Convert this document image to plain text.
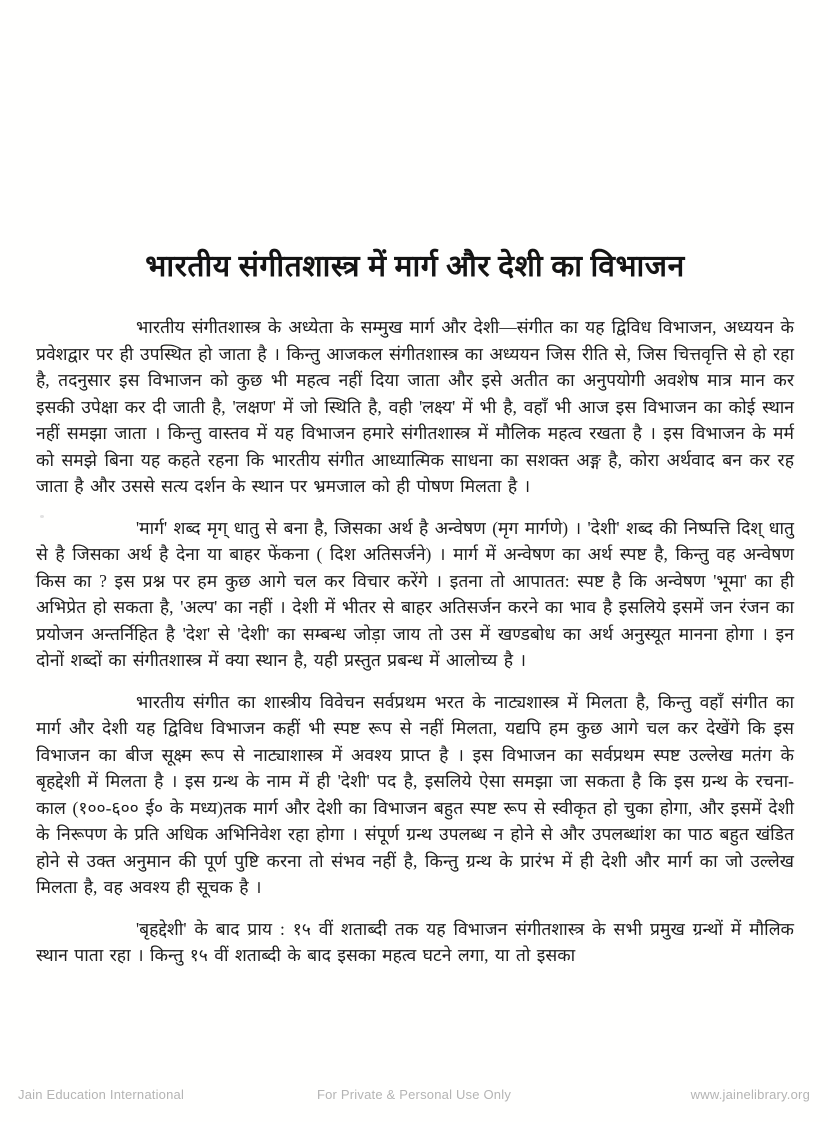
भारतीय संगीतशास्त्र में मार्ग और देशी का विभाजन

भारतीय संगीतशास्त्र के अध्येता के सम्मुख मार्ग और देशी—संगीत का यह द्विविध विभाजन, अध्ययन के प्रवेशद्वार पर ही उपस्थित हो जाता है । किन्तु आजकल संगीतशास्त्र का अध्ययन जिस रीति से, जिस चित्तवृत्ति से हो रहा है, तदनुसार इस विभाजन को कुछ भी महत्व नहीं दिया जाता और इसे अतीत का अनुपयोगी अवशेष मात्र मान कर इसकी उपेक्षा कर दी जाती है, 'लक्षण' में जो स्थिति है, वही 'लक्ष्य' में भी है, वहाँ भी आज इस विभाजन का कोई स्थान नहीं समझा जाता । किन्तु वास्तव में यह विभाजन हमारे संगीतशास्त्र में मौलिक महत्व रखता है । इस विभाजन के मर्म को समझे बिना यह कहते रहना कि भारतीय संगीत आध्यात्मिक साधना का सशक्त अङ्ग है, कोरा अर्थवाद बन कर रह जाता है और उससे सत्य दर्शन के स्थान पर भ्रमजाल को ही पोषण मिलता है ।

'मार्ग' शब्द मृग् धातु से बना है, जिसका अर्थ है अन्वेषण (मृग मार्गणे) । 'देशी' शब्द की निष्पत्ति दिश् धातु से है जिसका अर्थ है देना या बाहर फेंकना ( दिश अतिसर्जने) । मार्ग में अन्वेषण का अर्थ स्पष्ट है, किन्तु वह अन्वेषण किस का ? इस प्रश्न पर हम कुछ आगे चल कर विचार करेंगे । इतना तो आपातत: स्पष्ट है कि अन्वेषण 'भूमा' का ही अभिप्रेत हो सकता है, 'अल्प' का नहीं । देशी में भीतर से बाहर अतिसर्जन करने का भाव है इसलिये इसमें जन रंजन का प्रयोजन अन्तर्निहित है 'देश' से 'देशी' का सम्बन्ध जोड़ा जाय तो उस में खण्डबोध का अर्थ अनुस्यूत मानना होगा । इन दोनों शब्दों का संगीतशास्त्र में क्या स्थान है, यही प्रस्तुत प्रबन्ध में आलोच्य है ।

भारतीय संगीत का शास्त्रीय विवेचन सर्वप्रथम भरत के नाट्यशास्त्र में मिलता है, किन्तु वहाँ संगीत का मार्ग और देशी यह द्विविध विभाजन कहीं भी स्पष्ट रूप से नहीं मिलता, यद्यपि हम कुछ आगे चल कर देखेंगे कि इस विभाजन का बीज सूक्ष्म रूप से नाट्याशास्त्र में अवश्य प्राप्त है । इस विभाजन का सर्वप्रथम स्पष्ट उल्लेख मतंग के बृहद्देशी में मिलता है । इस ग्रन्थ के नाम में ही 'देशी' पद है, इसलिये ऐसा समझा जा सकता है कि इस ग्रन्थ के रचना-काल (१००-६०० ई० के मध्य)तक मार्ग और देशी का विभाजन बहुत स्पष्ट रूप से स्वीकृत हो चुका होगा, और इसमें देशी के निरूपण के प्रति अधिक अभिनिवेश रहा होगा । संपूर्ण ग्रन्थ उपलब्ध न होने से और उपलब्धांश का पाठ बहुत खंडित होने से उक्त अनुमान की पूर्ण पुष्टि करना तो संभव नहीं है, किन्तु ग्रन्थ के प्रारंभ में ही देशी और मार्ग का जो उल्लेख मिलता है, वह अवश्य ही सूचक है ।

'बृहद्देशी' के बाद प्राय : १५ वीं शताब्दी तक यह विभाजन संगीतशास्त्र के सभी प्रमुख ग्रन्थों में मौलिक स्थान पाता रहा । किन्तु १५ वीं शताब्दी के बाद इसका महत्व घटने लगा, या तो इसका

Jain Education International	For Private & Personal Use Only	www.jainelibrary.org
